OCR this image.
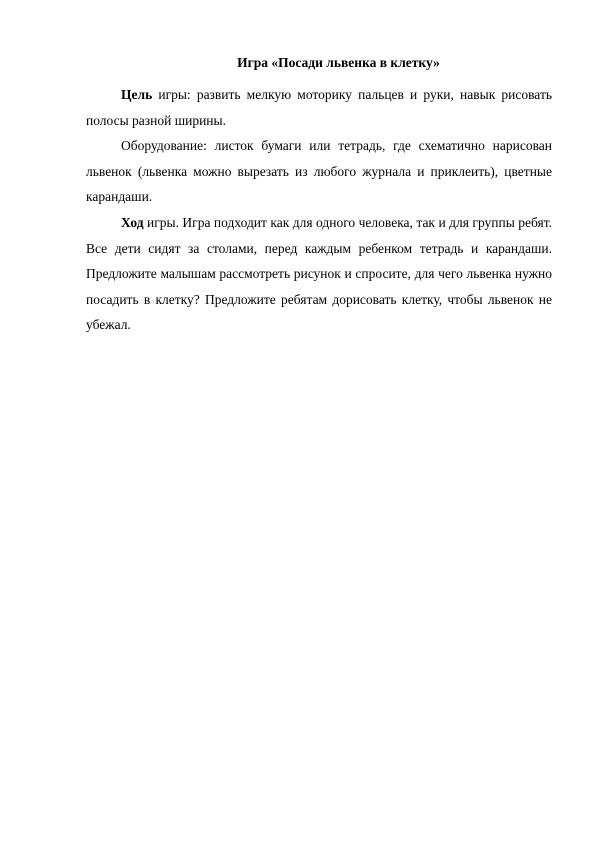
Игра «Посади львенка в клетку»

Цель игры: развить мелкую моторику пальцев и руки, навык рисовать полосы разной ширины.

Оборудование: листок бумаги или тетрадь, где схематично нарисован львенок (львенка можно вырезать из любого журнала и приклеить), цветные карандаши.

Ход игры. Игра подходит как для одного человека, так и для группы ребят. Все дети сидят за столами, перед каждым ребенком тетрадь и карандаши. Предложите малышам рассмотреть рисунок и спросите, для чего львенка нужно посадить в клетку? Предложите ребятам дорисовать клетку, чтобы львенок не убежал.
